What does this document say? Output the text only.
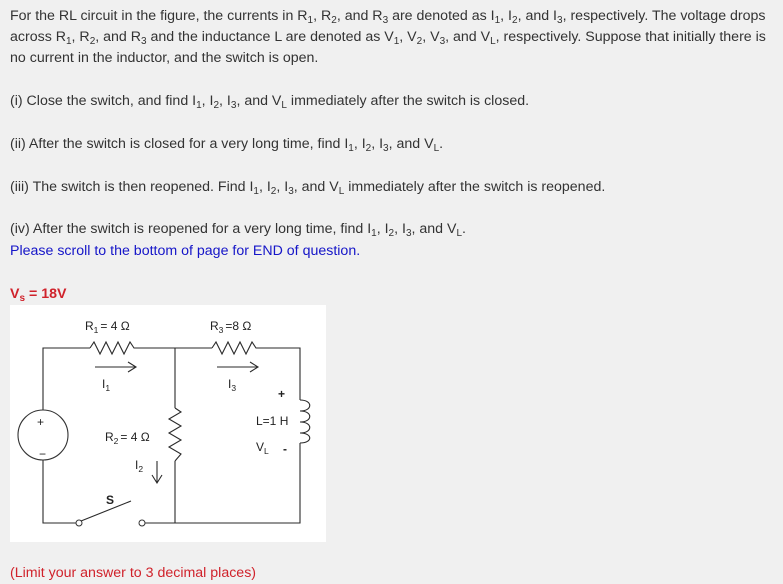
For the RL circuit in the figure, the currents in $R_1$, $R_2$, and $R_3$ are denoted as $I_1$, $I_2$, and $I_3$, respectively. The voltage drops across $R_1$, $R_2$, and $R_3$ and the inductance L are denoted as $V_1$, $V_2$, $V_3$, and $V_L$, respectively. Suppose that initially there is no current in the inductor, and the switch is open.

(i) Close the switch, and find $I_1$, $I_2$, $I_3$, and $V_L$ immediately after the switch is closed.

(ii) After the switch is closed for a very long time, find $I_1$, $I_2$, $I_3$, and $V_L$.

(iii) The switch is then reopened. Find $I_1$, $I_2$, $I_3$, and $V_L$ immediately after the switch is reopened.

(iv) After the switch is reopened for a very long time, find $I_1$, $I_2$, $I_3$, and $V_L$.

Please scroll to the bottom of page for END of question.

$V_s = 18V$

+
−
S
$R_1 = 4$ Ω	$R_3 =8$ Ω
$R_2 = 4$ Ω
$I_1$	$I_3$
$I_2$
L=1 H
+
$V_L$ -

(Limit your answer to 3 decimal places)
